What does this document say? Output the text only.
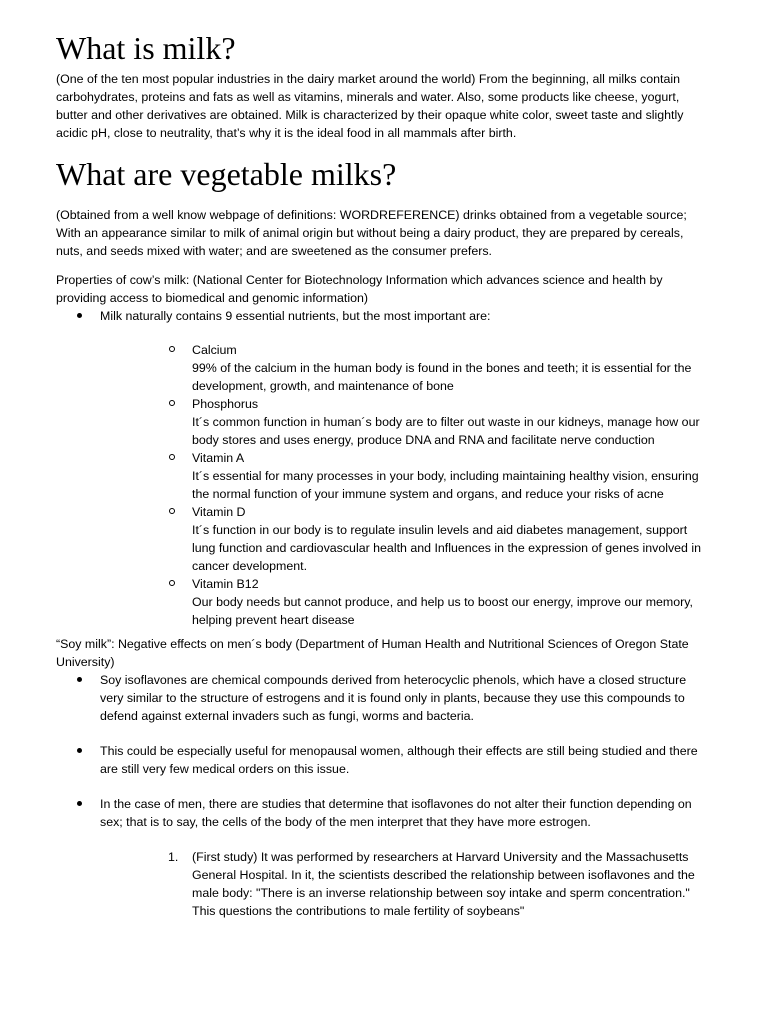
What is milk?

(One of the ten most popular industries in the dairy market around the world) From the beginning, all milks contain carbohydrates, proteins and fats as well as vitamins, minerals and water. Also, some products like cheese, yogurt, butter and other derivatives are obtained. Milk is characterized by their opaque white color, sweet taste and slightly acidic pH, close to neutrality, that’s why it is the ideal food in all mammals after birth.

What are vegetable milks?

(Obtained from a well know webpage of definitions: WORDREFERENCE) drinks obtained from a vegetable source; With an appearance similar to milk of animal origin but without being a dairy product, they are prepared by cereals, nuts, and seeds mixed with water; and are sweetened as the consumer prefers.

Properties of cow’s milk: (National Center for Biotechnology Information which advances science and health by providing access to biomedical and genomic information)

Milk naturally contains 9 essential nutrients, but the most important are:
Calcium
99% of the calcium in the human body is found in the bones and teeth; it is essential for the development, growth, and maintenance of bone
Phosphorus
It´s common function in human´s body are to filter out waste in our kidneys, manage how our body stores and uses energy, produce DNA and RNA and facilitate nerve conduction
Vitamin A
It´s essential for many processes in your body, including maintaining healthy vision, ensuring the normal function of your immune system and organs, and reduce your risks of acne
Vitamin D
It´s function in our body is to regulate insulin levels and aid diabetes management, support lung function and cardiovascular health and Influences in the expression of genes involved in cancer development.
Vitamin B12
Our body needs but cannot produce, and help us to boost our energy, improve our memory, helping prevent heart disease

“Soy milk”: Negative effects on men´s body (Department of Human Health and Nutritional Sciences of Oregon State University)

Soy isoflavones are chemical compounds derived from heterocyclic phenols, which have a closed structure very similar to the structure of estrogens and it is found only in plants, because they use this compounds to defend against external invaders such as fungi, worms and bacteria.
This could be especially useful for menopausal women, although their effects are still being studied and there are still very few medical orders on this issue.
In the case of men, there are studies that determine that isoflavones do not alter their function depending on sex; that is to say, the cells of the body of the men interpret that they have more estrogen.
1. (First study) It was performed by researchers at Harvard University and the Massachusetts General Hospital. In it, the scientists described the relationship between isoflavones and the male body: "There is an inverse relationship between soy intake and sperm concentration." This questions the contributions to male fertility of soybeans"
